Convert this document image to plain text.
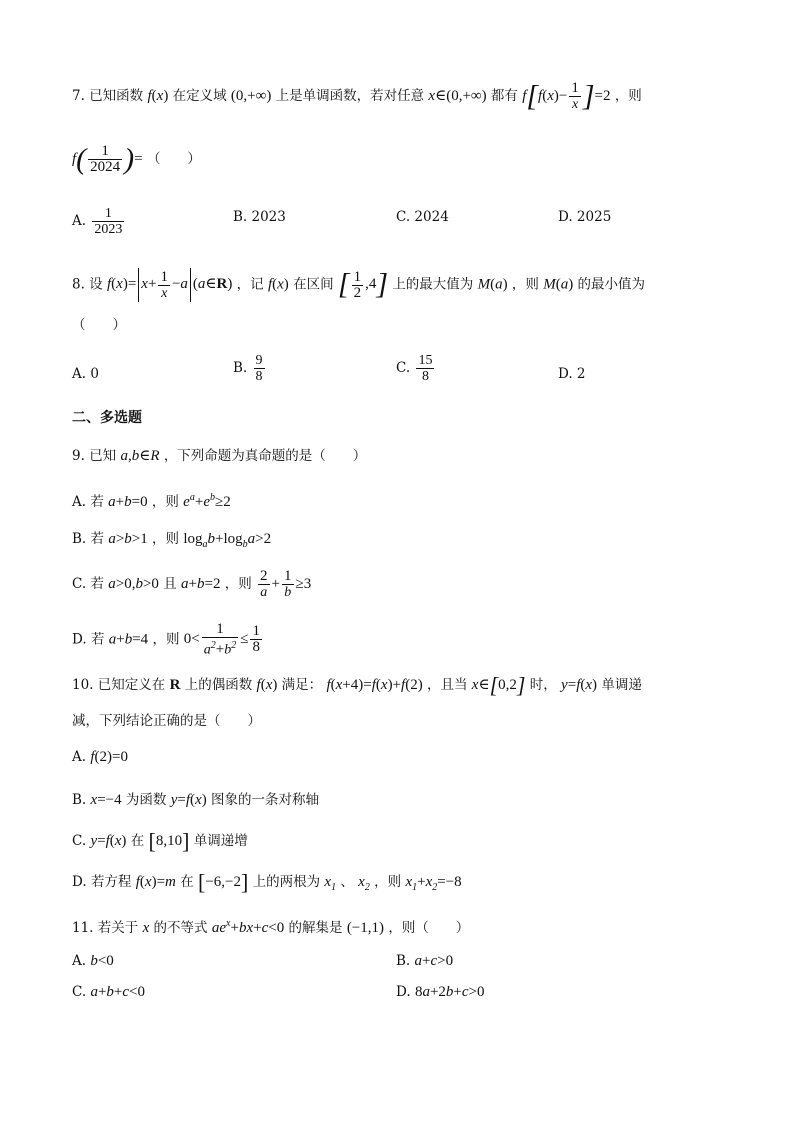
7. 已知函数 f(x) 在定义域 (0,+∞) 上是单调函数，若对任意 x∈(0,+∞) 都有 $f[f(x)- \frac{1}{x} ]=2$ ，则
$f( \frac{1}{2024}$ )= （　　）
A. $\frac{1}{2023}$	B. 2023	C. 2024	D. 2025
8. 设 $f(x)= x+ \frac{1}{x} -a$ (a∈R) ，记 f(x) 在区间 [ $\frac{1}{2} ,4$] 上的最大值为 M(a) ，则 M(a) 的最小值为
（　　）
A. 0	B. $\frac{9}{8}$	C. $\frac{15}{8}$	D. 2
二、多选题
9. 已知 a,b∈R ，下列命题为真命题的是（　　）
A. 若 a+b=0 ，则 $e^a+e^b\ge 2$
B. 若 a>b>1 ，则 $\log_ab+\log_ba>2$
C. 若 a>0,b>0 且 a+b=2 ，则 $\frac{2}{a} + \frac{1}{b} \ge 3$
D. 若 a+b=4 ，则 $0< \frac{1}{a^2+b^2} \le \frac{1}{8}$
10. 已知定义在 R 上的偶函数 f(x) 满足： f(x+4)=f(x)+f(2) ，且当 x∈[0,2] 时， y=f(x) 单调递
减，下列结论正确的是（　　）
A. f(2)=0
B. x=−4 为函数 y=f(x) 图象的一条对称轴
C. y=f(x) 在 [8,10] 单调递增
D. 若方程 f(x)=m 在 [−6,−2] 上的两根为 $x_1$ 、 $x_2$ ，则 $x_1+x_2=-8$
11. 若关于 x 的不等式 $ae^x+bx+c<0$ 的解集是 (−1,1) ，则（　　）
A. b<0	B. a+c>0
C. a+b+c<0	D. 8a+2b+c>0
